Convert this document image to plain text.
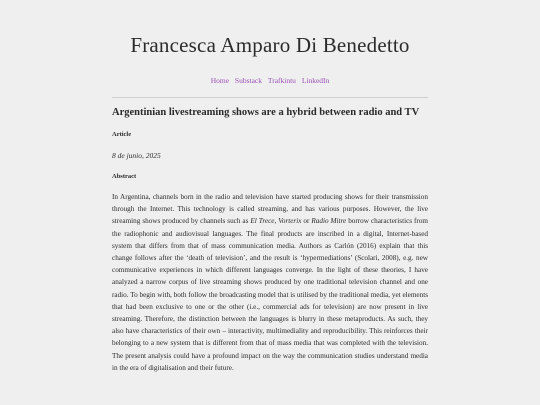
Francesca Amparo Di Benedetto
Home Substack Trafkintu LinkedIn
Argentinian livestreaming shows are a hybrid between radio and TV

Article

8 de junio, 2025

Abstract

In Argentina, channels born in the radio and television have started producing shows for their transmission through the Internet. This technology is called streaming, and has various purposes. However, the live streaming shows produced by channels such as El Trece, Vorterix or Radio Mitre borrow characteristics from the radiophonic and audiovisual languages. The final products are inscribed in a digital, Internet-based system that differs from that of mass communication media. Authors as Carlón (2016) explain that this change follows after the ‘death of television’, and the result is ‘hypermediations’ (Scolari, 2008), e.g. new communicative experiences in which different languages converge. In the light of these theories, I have analyzed a narrow corpus of live streaming shows produced by one traditional television channel and one radio. To begin with, both follow the broadcasting model that is utilised by the traditional media, yet elements that had been exclusive to one or the other (i.e., commercial ads for television) are now present in live streaming. Therefore, the distinction between the languages is blurry in these metaproducts. As such, they also have characteristics of their own – interactivity, multimediality and reproducibility. This reinforces their belonging to a new system that is different from that of mass media that was completed with the television. The present analysis could have a profound impact on the way the communication studies understand media in the era of digitalisation and their future.
